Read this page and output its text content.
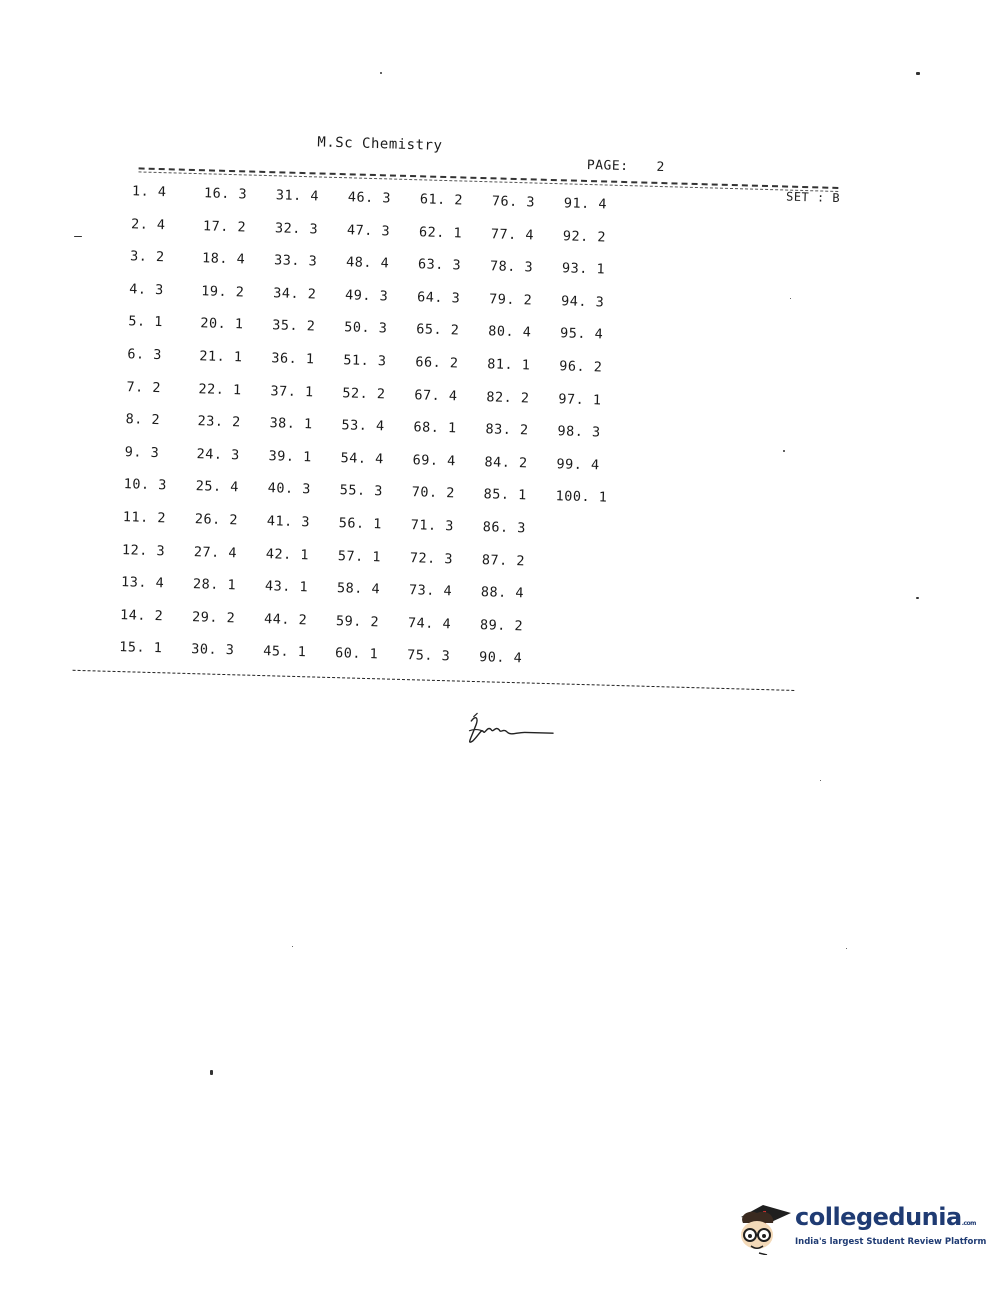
M.Sc Chemistry
PAGE: 2
SET : B
1. 4
2. 4
3. 2
4. 3
5. 1
6. 3
7. 2
8. 2
9. 3
10. 3
11. 2
12. 3
13. 4
14. 2
15. 1
16. 3
17. 2
18. 4
19. 2
20. 1
21. 1
22. 1
23. 2
24. 3
25. 4
26. 2
27. 4
28. 1
29. 2
30. 3
31. 4
32. 3
33. 3
34. 2
35. 2
36. 1
37. 1
38. 1
39. 1
40. 3
41. 3
42. 1
43. 1
44. 2
45. 1
46. 3
47. 3
48. 4
49. 3
50. 3
51. 3
52. 2
53. 4
54. 4
55. 3
56. 1
57. 1
58. 4
59. 2
60. 1
61. 2
62. 1
63. 3
64. 3
65. 2
66. 2
67. 4
68. 1
69. 4
70. 2
71. 3
72. 3
73. 4
74. 4
75. 3
76. 3
77. 4
78. 3
79. 2
80. 4
81. 1
82. 2
83. 2
84. 2
85. 1
86. 3
87. 2
88. 4
89. 2
90. 4
91. 4
92. 2
93. 1
94. 3
95. 4
96. 2
97. 1
98. 3
99. 4
100. 1
collegedunia.com
India's largest Student Review Platform
